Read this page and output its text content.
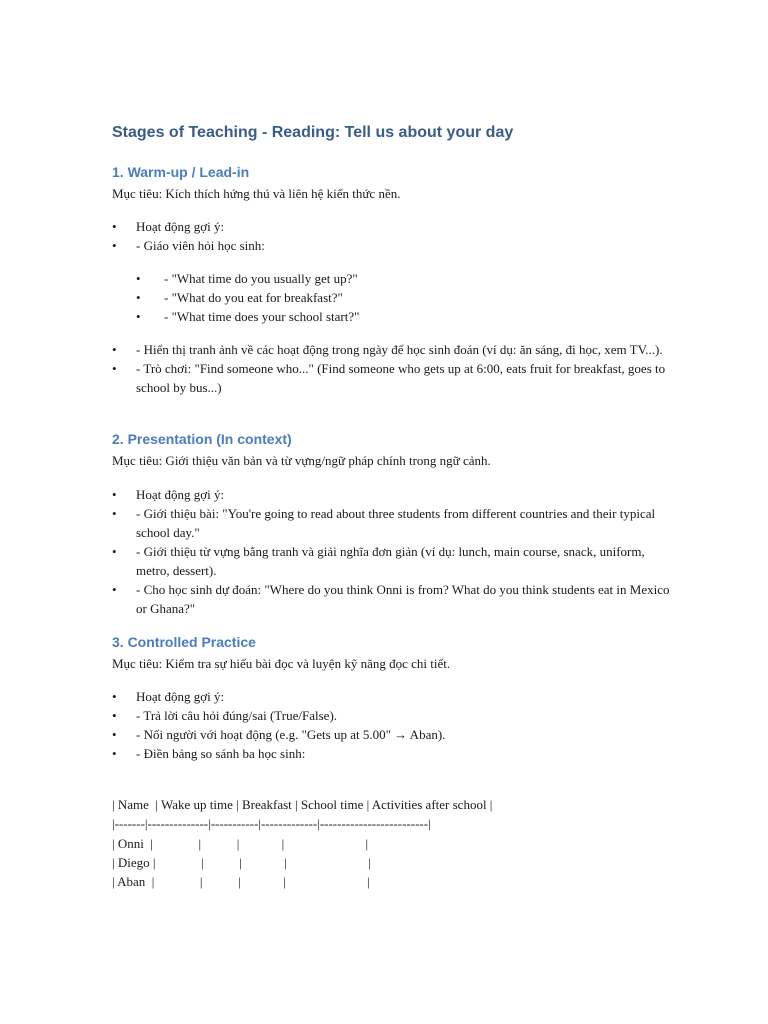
Stages of Teaching - Reading: Tell us about your day
1. Warm-up / Lead-in
Mục tiêu: Kích thích hứng thú và liên hệ kiến thức nền.
• Hoạt động gợi ý:
• - Giáo viên hỏi học sinh:
• - "What time do you usually get up?"
• - "What do you eat for breakfast?"
• - "What time does your school start?"
• - Hiển thị tranh ảnh về các hoạt động trong ngày để học sinh đoán (ví dụ: ăn sáng, đi học, xem TV...).
• - Trò chơi: "Find someone who..." (Find someone who gets up at 6:00, eats fruit for breakfast, goes to school by bus...)
2. Presentation (In context)
Mục tiêu: Giới thiệu văn bản và từ vựng/ngữ pháp chính trong ngữ cảnh.
• Hoạt động gợi ý:
• - Giới thiệu bài: "You're going to read about three students from different countries and their typical school day."
• - Giới thiệu từ vựng bằng tranh và giải nghĩa đơn giản (ví dụ: lunch, main course, snack, uniform, metro, dessert).
• - Cho học sinh dự đoán: "Where do you think Onni is from? What do you think students eat in Mexico or Ghana?"
3. Controlled Practice
Mục tiêu: Kiểm tra sự hiểu bài đọc và luyện kỹ năng đọc chi tiết.
• Hoạt động gợi ý:
• - Trả lời câu hỏi đúng/sai (True/False).
• - Nối người với hoạt động (e.g. "Gets up at 5.00" → Aban).
• - Điền bảng so sánh ba học sinh:
| Name  | Wake up time | Breakfast | School time | Activities after school |
|-------|--------------|-----------|-------------|-------------------------|
| Onni  |              |           |             |                         |
| Diego |              |           |             |                         |
| Aban  |              |           |             |                         |
